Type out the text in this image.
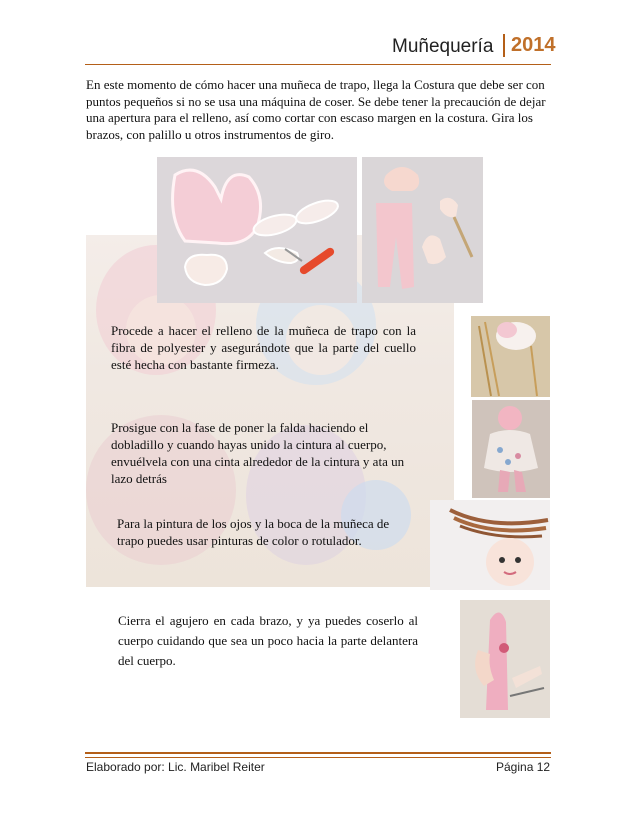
Muñequería 2014
En este momento de cómo hacer una muñeca de trapo, llega la Costura que debe ser con puntos pequeños si no se usa una máquina de coser. Se debe tener la precaución de dejar una apertura para el relleno, así como cortar con escaso margen en la costura. Gira los brazos, con palillo u otros instrumentos de giro.
Procede a hacer el relleno de la muñeca de trapo con la fibra de polyester y asegurándote que la parte del cuello esté hecha con bastante firmeza.
Prosigue con la fase de poner la falda haciendo el dobladillo y cuando hayas unido la cintura al cuerpo, envuélvela con una cinta alrededor de la cintura y ata un lazo detrás
Para la pintura de los ojos y la boca de la muñeca de trapo puedes usar pinturas de color o rotulador.
Cierra el agujero en cada brazo, y ya puedes coserlo al cuerpo cuidando que sea un poco hacia la parte delantera del cuerpo.
Elaborado por: Lic. Maribel Reiter	Página 12
